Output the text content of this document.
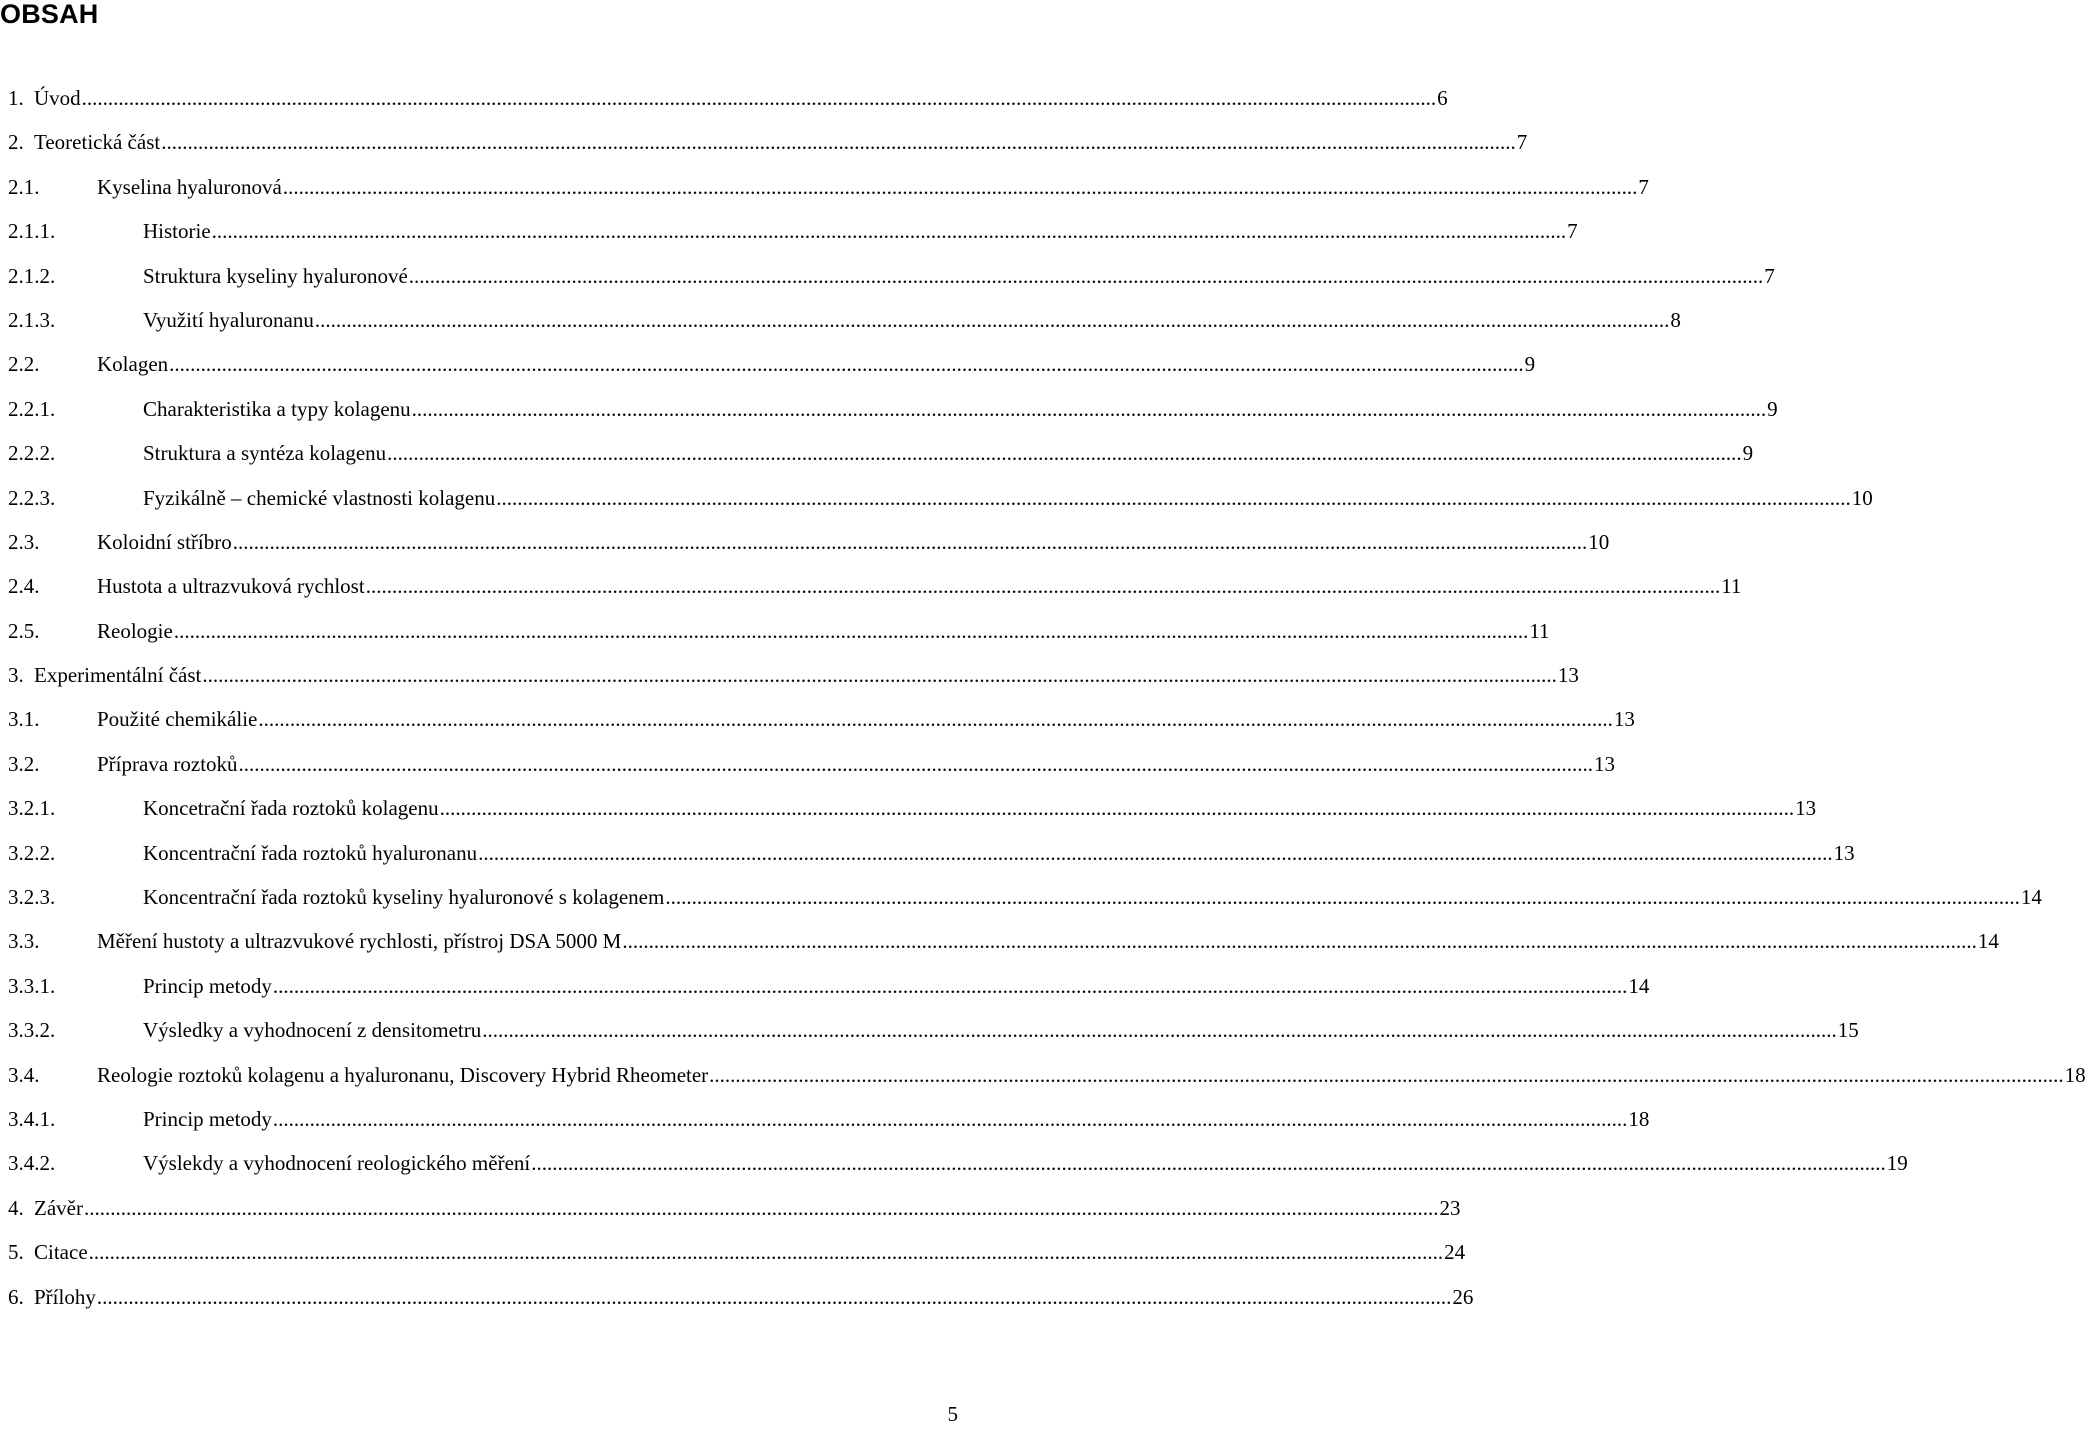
OBSAH
1. Úvod .....	6
2. Teoretická část .....	7
2.1.	Kyselina hyaluronová .....	7
2.1.1.	Historie .....	7
2.1.2.	Struktura kyseliny hyaluronové .....	7
2.1.3.	Využití hyaluronanu .....	8
2.2.	Kolagen .....	9
2.2.1.	Charakteristika a typy kolagenu .....	9
2.2.2.	Struktura a syntéza kolagenu .....	9
2.2.3.	Fyzikálně – chemické vlastnosti kolagenu .....	10
2.3.	Koloidní stříbro .....	10
2.4.	Hustota a ultrazvuková rychlost .....	11
2.5.	Reologie .....	11
3. Experimentální část .....	13
3.1.	Použité chemikálie .....	13
3.2.	Příprava roztoků .....	13
3.2.1.	Koncetrační řada roztoků kolagenu .....	13
3.2.2.	Koncentrační řada roztoků hyaluronanu .....	13
3.2.3.	Koncentrační řada roztoků kyseliny hyaluronové s kolagenem .....	14
3.3.	Měření hustoty a ultrazvukové rychlosti, přístroj DSA 5000 M .....	14
3.3.1.	Princip metody .....	14
3.3.2.	Výsledky a vyhodnocení z densitometru .....	15
3.4.	Reologie roztoků kolagenu a hyaluronanu, Discovery Hybrid Rheometer .....	18
3.4.1.	Princip metody .....	18
3.4.2.	Výslekdy a vyhodnocení reologického měření .....	19
4. Závěr .....	23
5. Citace .....	24
6. Přílohy .....	26
5
